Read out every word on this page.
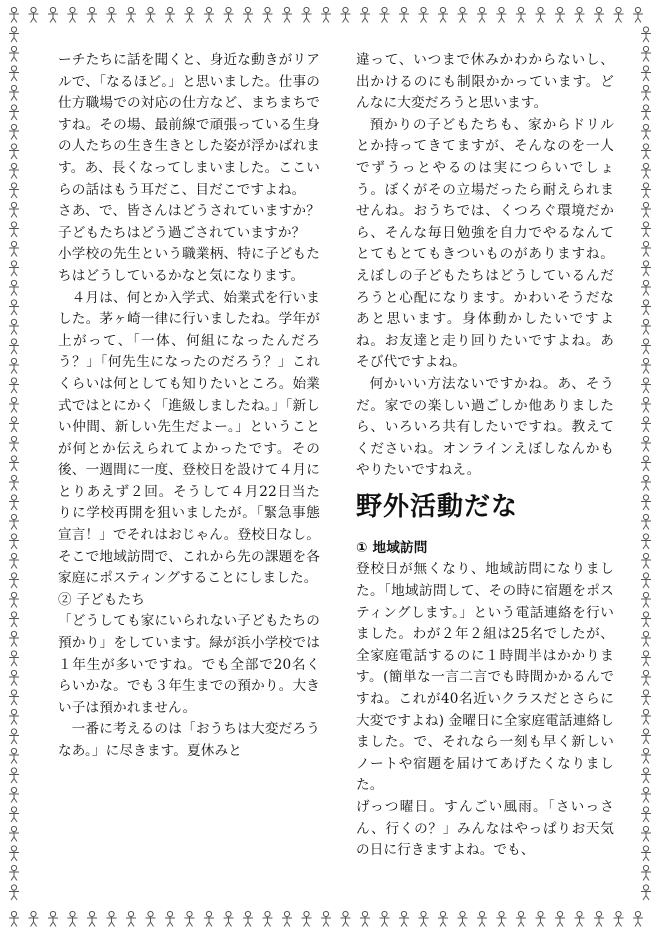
ーチたちに話を聞くと、身近な動きがリアルで、「なるほど。」と思いました。仕事の仕方職場での対応の仕方など、まちまちですね。その場、最前線で頑張っている生身の人たちの生き生きとした姿が浮かばれます。あ、長くなってしまいました。ここいらの話はもう耳だこ、目だこですよね。

さあ、で、皆さんはどうされていますか？子どもたちはどう過ごされていますか？

小学校の先生という職業柄、特に子どもたちはどうしているかなと気になります。

４月は、何とか入学式、始業式を行いました。茅ヶ崎一律に行いましたね。学年が上がって、「一体、何組になったんだろう？」「何先生になったのだろう？」これくらいは何としても知りたいところ。始業式ではとにかく「進級しましたね。」「新しい仲間、新しい先生だよー。」ということが何とか伝えられてよかったです。その後、一週間に一度、登校日を設けて４月にとりあえず２回。そうして４月22日当たりに学校再開を狙いましたが。「緊急事態宣言！」でそれはおじゃん。登校日なし。そこで地域訪問で、これから先の課題を各家庭にポスティングすることにしました。

② 子どもたち

「どうしても家にいられない子どもたちの預かり」をしています。緑が浜小学校では１年生が多いですね。でも全部で20名くらいかな。でも３年生までの預かり。大きい子は預かれません。

一番に考えるのは「おうちは大変だろうなあ。」に尽きます。夏休みと

違って、いつまで休みかわからないし、出かけるのにも制限かかっています。どんなに大変だろうと思います。

預かりの子どもたちも、家からドリルとか持ってきてますが、そんなのを一人でずうっとやるのは実につらいでしょう。ぼくがその立場だったら耐えられませんね。おうちでは、くつろぐ環境だから、そんな毎日勉強を自力でやるなんてとてもとてもきついものがありますね。えぼしの子どもたちはどうしているんだろうと心配になります。かわいそうだなあと思います。身体動かしたいですよね。お友達と走り回りたいですよね。あそび代ですよね。

何かいい方法ないですかね。あ、そうだ。家での楽しい過ごしか他ありましたら、いろいろ共有したいですね。教えてくださいね。オンラインえぼしなんかもやりたいですねえ。

野外活動だな

① 地域訪問

登校日が無くなり、地域訪問になりました。「地域訪問して、その時に宿題をポスティングします。」という電話連絡を行いました。わが２年２組は25名でしたが、全家庭電話するのに１時間半はかかります。(簡単な一言二言でも時間かかるんですね。これが40名近いクラスだとさらに大変ですよね) 金曜日に全家庭電話連絡しました。で、それなら一刻も早く新しいノートや宿題を届けてあげたくなりました。

げっつ曜日。すんごい風雨。「さいっさん、行くの？」みんなはやっぱりお天気の日に行きますよね。でも、
